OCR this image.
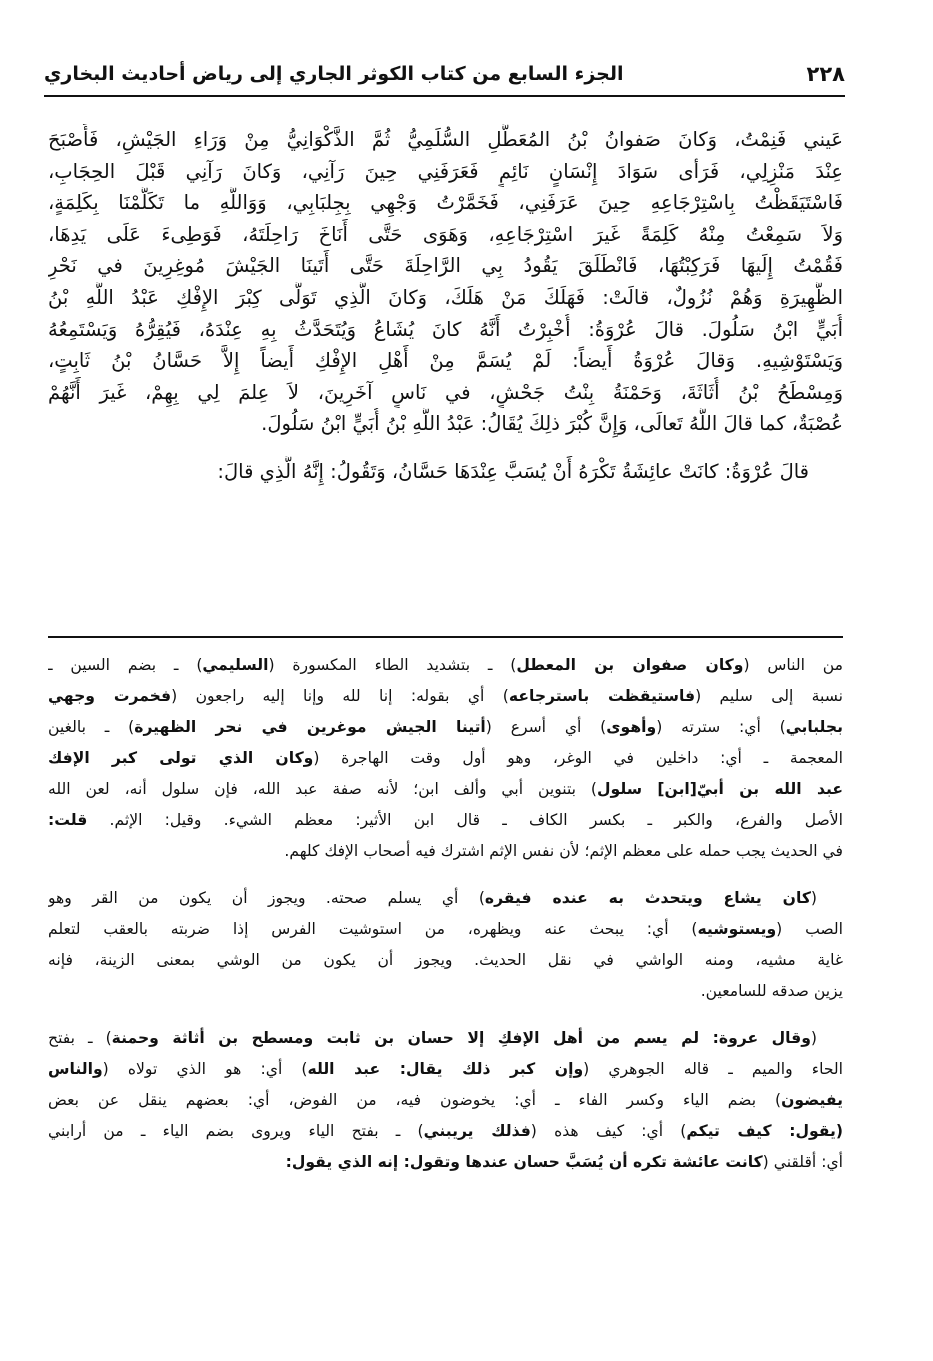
٢٢٨
الجزء السابع من كتاب الكوثر الجاري إلى رياض أحاديث البخاري
عَيني فَنِمْتُ، وَكانَ صَفوانُ بْنُ المُعَطَّلِ السُّلَمِيُّ ثُمَّ الذَّكْوَانِيُّ مِنْ وَرَاءِ الجَيْشِ، فَأَصْبَحَ
عِنْدَ مَنْزِلِي، فَرَأى سَوَادَ إِنْسَانٍ نَائِمٍ فَعَرَفَنِي حِينَ رَآنِي، وَكانَ رَآنِي قَبْلَ الحِجَابِ،
فَاسْتَيَقَظْتُ بِاسْتِرْجَاعِهِ حِينَ عَرَفَنِي، فَخَمَّرْتُ وَجْهِي بِجِلبَابِي، وَوَاللَّهِ ما تَكَلَّمْنَا بِكَلِمَةٍ،
وَلاَ سَمِعْتُ مِنْهُ كَلِمَةً غَيرَ اسْتِرْجَاعِهِ، وَهَوَى حَتَّى أَنَاخَ رَاحِلَتَهُ، فَوَطِىءَ عَلَى يَدِهَا،
فَقُمْتُ إِلَيهَا فَرَكِبْتُهَا، فَانْطَلَقَ يَقُودُ بِي الرَّاحِلَةَ حَتَّى أَتَينَا الجَيْشَ مُوغِرِينَ في نَحْرِ
الظَّهِيرَةِ وَهُمْ نُزُولٌ، قالَتْ: فَهَلَكَ مَنْ هَلَكَ، وَكانَ الَّذِي تَوَلَّى كِبْرَ الإِفْكِ عَبْدُ اللَّهِ بْنُ
أُبَيٍّ ابْنُ سَلُولَ. قالَ عُرْوَةُ: أُخْبِرْتُ أَنَّهُ كانَ يُشَاعُ وَيُتَحَدَّثُ بِهِ عِنْدَهُ، فَيُقِرُّهُ وَيَسْتَمِعُهُ
وَيَسْتَوْشِيهِ. وَقالَ عُرْوَةُ أَيضاً: لَمْ يُسَمَّ مِنْ أَهْلِ الإِفْكِ أَيضاً إِلاَّ حَسَّانُ بْنُ ثَابِتٍ،
وَمِسْطَحُ بْنُ أُثَاثَةَ، وَحَمْنَةُ بِنْتُ جَحْشٍ، في نَاسٍ آخَرِينَ، لاَ عِلمَ لِي بِهِمْ، غَيرَ أَنَّهُمْ
عُصْبَةٌ، كما قالَ اللَّهُ تَعالَى، وَإِنَّ كُبْرَ ذلِكَ يُقَالُ: عَبْدُ اللَّهِ بْنُ أُبَيٍّ ابْنُ سَلُولَ.
قالَ عُرْوَةُ: كانَتْ عائِشَةُ تَكْرَهُ أَنْ يُسَبَّ عِنْدَهَا حَسَّانُ، وَتَقُولُ: إِنَّهُ الَّذِي قالَ:
من الناس (وكان صفوان بن المعطل) ـ بتشديد الطاء المكسورة (السليمي) ـ بضم السين ـ
نسبة إلى سليم (فاستيقظت باسترجاعه) أي بقوله: إنا لله وإنا إليه راجعون (فخمرت وجهي
بجلبابي) أي: سترته (وأهوى) أي أسرع (أتينا الجيش موغرين في نحر الظهيرة) ـ بالغين
المعجمة ـ أي: داخلين في الوغر، وهو أول وقت الهاجرة (وكان الذي تولى كبر الإفك
عبد الله بن أبيّ[ابن] سلول) بتنوين أبي وألف ابن؛ لأنه صفة عبد الله، فإن سلول أنه، لعن الله
الأصل والفرع، والكبر ـ بكسر الكاف ـ قال ابن الأثير: معظم الشيء. وقيل: الإثم. قلت:
في الحديث يجب حمله على معظم الإثم؛ لأن نفس الإثم اشترك فيه أصحاب الإفك كلهم.
(كان يشاع ويتحدث به عنده فيقره) أي يسلم صحته. ويجوز أن يكون من القر وهو
الصب (ويستوشيه) أي: يبحث عنه ويظهره، من استوشيت الفرس إذا ضربته بالعقب لتعلم
غاية مشيه، ومنه الواشي في نقل الحديث. ويجوز أن يكون من الوشي بمعنى الزينة، فإنه
يزين صدقه للسامعين.
(وقال عروة: لم يسم من أهل الإفكِ إلا حسان بن ثابت ومسطح بن أثاثة وحمنة) ـ بفتح
الحاء والميم ـ قاله الجوهري (وإن كبر ذلك يقال: عبد الله) أي: هو الذي تولاه (والناس
يفيضون) بضم الياء وكسر الفاء ـ أي: يخوضون فيه، من الفوض، أي: بعضهم ينقل عن بعض
(يقول: كيف تيكم) أي: كيف هذه (فذلك يريبني) ـ بفتح الياء ويروى بضم الياء ـ من أرابني
أي: أقلقني (كانت عائشة تكره أن يُسَبَّ حسان عندها وتقول: إنه الذي يقول:
